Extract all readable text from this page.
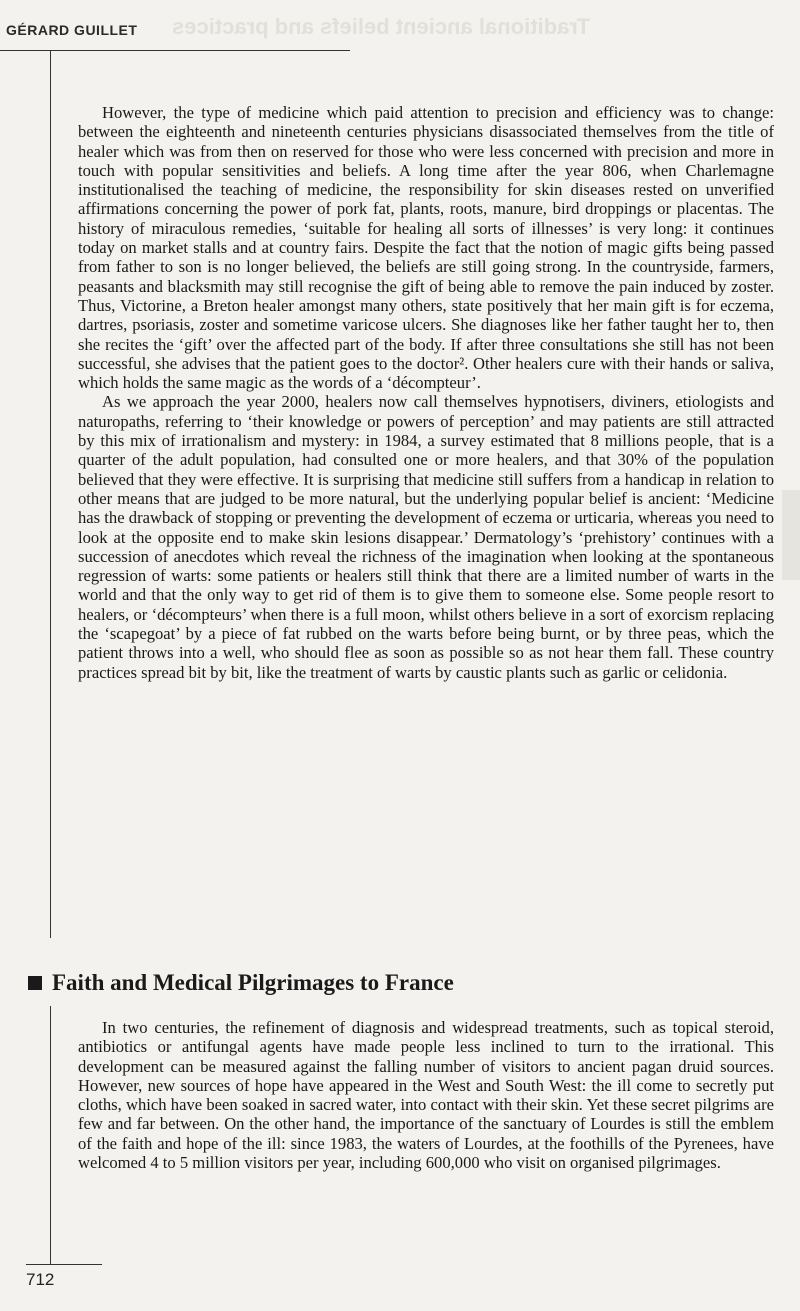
Traditional ancient beliefs and practices
GÉRARD GUILLET

However, the type of medicine which paid attention to precision and efficiency was to change: between the eighteenth and nineteenth centuries physicians disassociated themselves from the title of healer which was from then on reserved for those who were less concerned with precision and more in touch with popular sensitivities and beliefs. A long time after the year 806, when Charlemagne institutionalised the teaching of medicine, the responsibility for skin diseases rested on unverified affirmations concerning the power of pork fat, plants, roots, manure, bird droppings or placentas. The history of miraculous remedies, ‘suitable for healing all sorts of illnesses’ is very long: it continues today on market stalls and at country fairs. Despite the fact that the notion of magic gifts being passed from father to son is no longer believed, the beliefs are still going strong. In the countryside, farmers, peasants and blacksmith may still recognise the gift of being able to remove the pain induced by zoster. Thus, Victorine, a Breton healer amongst many others, state positively that her main gift is for eczema, dartres, psoriasis, zoster and sometime varicose ulcers. She diagnoses like her father taught her to, then she recites the ‘gift’ over the affected part of the body. If after three consultations she still has not been successful, she advises that the patient goes to the doctor². Other healers cure with their hands or saliva, which holds the same magic as the words of a ‘décompteur’.

As we approach the year 2000, healers now call themselves hypnotisers, diviners, etiologists and naturopaths, referring to ‘their knowledge or powers of perception’ and may patients are still attracted by this mix of irrationalism and mystery: in 1984, a survey estimated that 8 millions people, that is a quarter of the adult population, had consulted one or more healers, and that 30% of the population believed that they were effective. It is surprising that medicine still suffers from a handicap in relation to other means that are judged to be more natural, but the underlying popular belief is ancient: ‘Medicine has the drawback of stopping or preventing the development of eczema or urticaria, whereas you need to look at the opposite end to make skin lesions disappear.’ Dermatology’s ‘prehistory’ continues with a succession of anecdotes which reveal the richness of the imagination when looking at the spontaneous regression of warts: some patients or healers still think that there are a limited number of warts in the world and that the only way to get rid of them is to give them to someone else. Some people resort to healers, or ‘décompteurs’ when there is a full moon, whilst others believe in a sort of exorcism replacing the ‘scapegoat’ by a piece of fat rubbed on the warts before being burnt, or by three peas, which the patient throws into a well, who should flee as soon as possible so as not hear them fall. These country practices spread bit by bit, like the treatment of warts by caustic plants such as garlic or celidonia.

Faith and Medical Pilgrimages to France

In two centuries, the refinement of diagnosis and widespread treatments, such as topical steroid, antibiotics or antifungal agents have made people less inclined to turn to the irrational. This development can be measured against the falling number of visitors to ancient pagan druid sources. However, new sources of hope have appeared in the West and South West: the ill come to secretly put cloths, which have been soaked in sacred water, into contact with their skin. Yet these secret pilgrims are few and far between. On the other hand, the importance of the sanctuary of Lourdes is still the emblem of the faith and hope of the ill: since 1983, the waters of Lourdes, at the foothills of the Pyrenees, have welcomed 4 to 5 million visitors per year, including 600,000 who visit on organised pilgrimages.

712
